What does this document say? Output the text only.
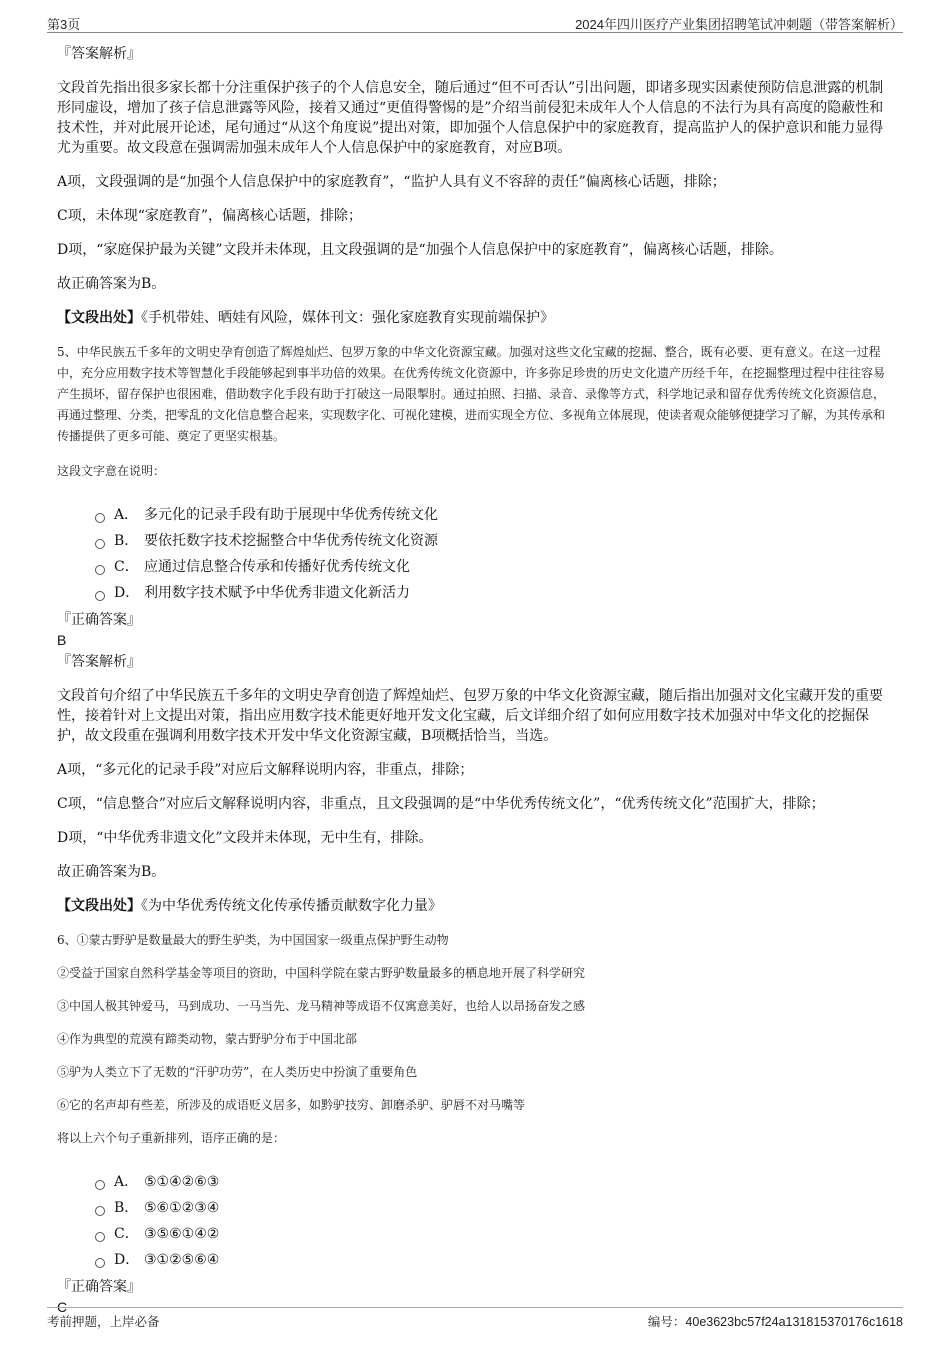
第3页	2024年四川医疗产业集团招聘笔试冲刺题（带答案解析）

『答案解析』

文段首先指出很多家长都十分注重保护孩子的个人信息安全，随后通过“但不可否认”引出问题，即诸多现实因素使预防信息泄露的机制形同虚设，增加了孩子信息泄露等风险，接着又通过“更值得警惕的是”介绍当前侵犯未成年人个人信息的不法行为具有高度的隐蔽性和技术性，并对此展开论述，尾句通过“从这个角度说”提出对策，即加强个人信息保护中的家庭教育，提高监护人的保护意识和能力显得尤为重要。故文段意在强调需加强未成年人个人信息保护中的家庭教育，对应B项。

A项，文段强调的是“加强个人信息保护中的家庭教育”，“监护人具有义不容辞的责任”偏离核心话题，排除；

C项，未体现“家庭教育”，偏离核心话题，排除；

D项，“家庭保护最为关键”文段并未体现，且文段强调的是“加强个人信息保护中的家庭教育”，偏离核心话题，排除。

故正确答案为B。

【文段出处】《手机带娃、晒娃有风险，媒体刊文：强化家庭教育实现前端保护》

5、中华民族五千多年的文明史孕育创造了辉煌灿烂、包罗万象的中华文化资源宝藏。加强对这些文化宝藏的挖掘、整合，既有必要、更有意义。在这一过程中，充分应用数字技术等智慧化手段能够起到事半功倍的效果。在优秀传统文化资源中，许多弥足珍贵的历史文化遗产历经千年，在挖掘整理过程中往往容易产生损坏，留存保护也很困难，借助数字化手段有助于打破这一局限掣肘。通过拍照、扫描、录音、录像等方式，科学地记录和留存优秀传统文化资源信息，再通过整理、分类，把零乱的文化信息整合起来，实现数字化、可视化建模，进而实现全方位、多视角立体展现，使读者观众能够便捷学习了解，为其传承和传播提供了更多可能、奠定了更坚实根基。

这段文字意在说明：

A． 多元化的记录手段有助于展现中华优秀传统文化
B． 要依托数字技术挖掘整合中华优秀传统文化资源
C． 应通过信息整合传承和传播好优秀传统文化
D． 利用数字技术赋予中华优秀非遗文化新活力

『正确答案』

B

『答案解析』

文段首句介绍了中华民族五千多年的文明史孕育创造了辉煌灿烂、包罗万象的中华文化资源宝藏，随后指出加强对文化宝藏开发的重要性，接着针对上文提出对策，指出应用数字技术能更好地开发文化宝藏，后文详细介绍了如何应用数字技术加强对中华文化的挖掘保护，故文段重在强调利用数字技术开发中华文化资源宝藏，B项概括恰当，当选。

A项，“多元化的记录手段”对应后文解释说明内容，非重点，排除；

C项，“信息整合”对应后文解释说明内容，非重点，且文段强调的是“中华优秀传统文化”，“优秀传统文化”范围扩大，排除；

D项，“中华优秀非遗文化”文段并未体现，无中生有，排除。

故正确答案为B。

【文段出处】《为中华优秀传统文化传承传播贡献数字化力量》

6、①蒙古野驴是数量最大的野生驴类，为中国国家一级重点保护野生动物

②受益于国家自然科学基金等项目的资助，中国科学院在蒙古野驴数量最多的栖息地开展了科学研究

③中国人极其钟爱马，马到成功、一马当先、龙马精神等成语不仅寓意美好，也给人以昂扬奋发之感

④作为典型的荒漠有蹄类动物，蒙古野驴分布于中国北部

⑤驴为人类立下了无数的“汗驴功劳”，在人类历史中扮演了重要角色

⑥它的名声却有些差，所涉及的成语贬义居多，如黔驴技穷、卸磨杀驴、驴唇不对马嘴等

将以上六个句子重新排列，语序正确的是：

A． ⑤①④②⑥③
B． ⑤⑥①②③④
C． ③⑤⑥①④②
D． ③①②⑤⑥④

『正确答案』

C

考前押题，上岸必备	编号：40e3623bc57f24a131815370176c1618
